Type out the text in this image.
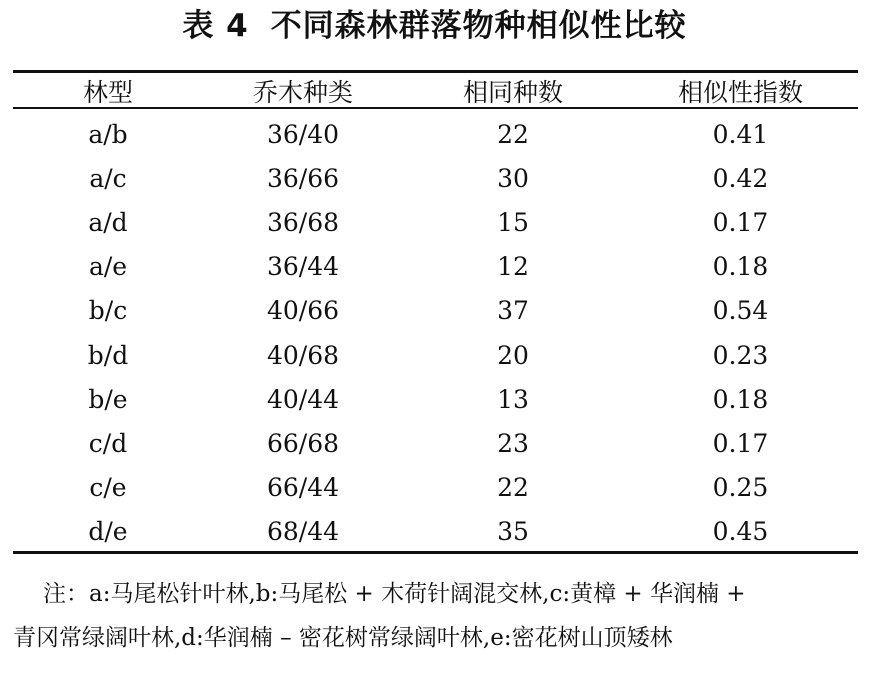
表 4 不同森林群落物种相似性比较
林型	乔木种类	相同种数	相似性指数
a/b	36/40	22	0.41
a/c	36/66	30	0.42
a/d	36/68	15	0.17
a/e	36/44	12	0.18
b/c	40/66	37	0.54
b/d	40/68	20	0.23
b/e	40/44	13	0.18
c/d	66/68	23	0.17
c/e	66/44	22	0.25
d/e	68/44	35	0.45
注：a:马尾松针叶林,b:马尾松 + 木荷针阔混交林,c:黄樟 + 华润楠 +
青冈常绿阔叶林,d:华润楠 – 密花树常绿阔叶林,e:密花树山顶矮林
